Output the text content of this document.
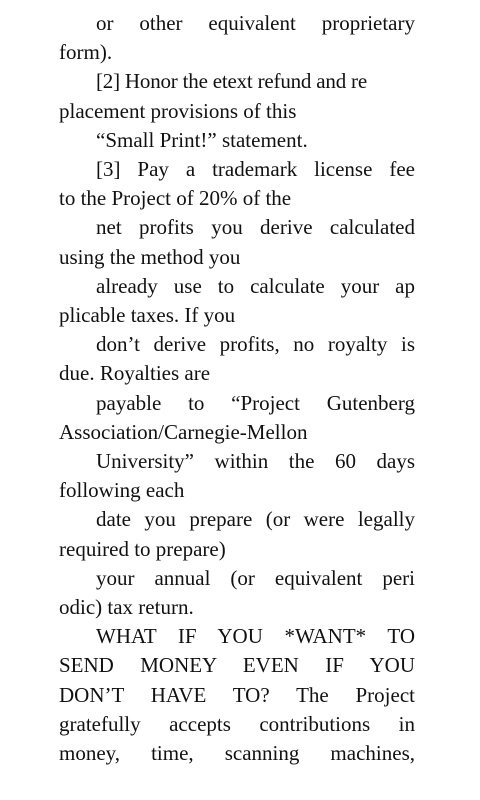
or other equivalent proprietary
form).
[2] Honor the etext refund and re
placement provisions of this
“Small Print!” statement.
[3] Pay a trademark license fee
to the Project of 20% of the
net profits you derive calculated
using the method you
already use to calculate your ap
plicable taxes. If you
don’t derive profits, no royalty is
due. Royalties are
payable to “Project Gutenberg
Association/Carnegie-Mellon
University” within the 60 days
following each
date you prepare (or were legally
required to prepare)
your annual (or equivalent peri
odic) tax return.
WHAT IF YOU *WANT* TO
SEND MONEY EVEN IF YOU
DON’T HAVE TO? The Project
gratefully accepts contributions in
money, time, scanning machines,
